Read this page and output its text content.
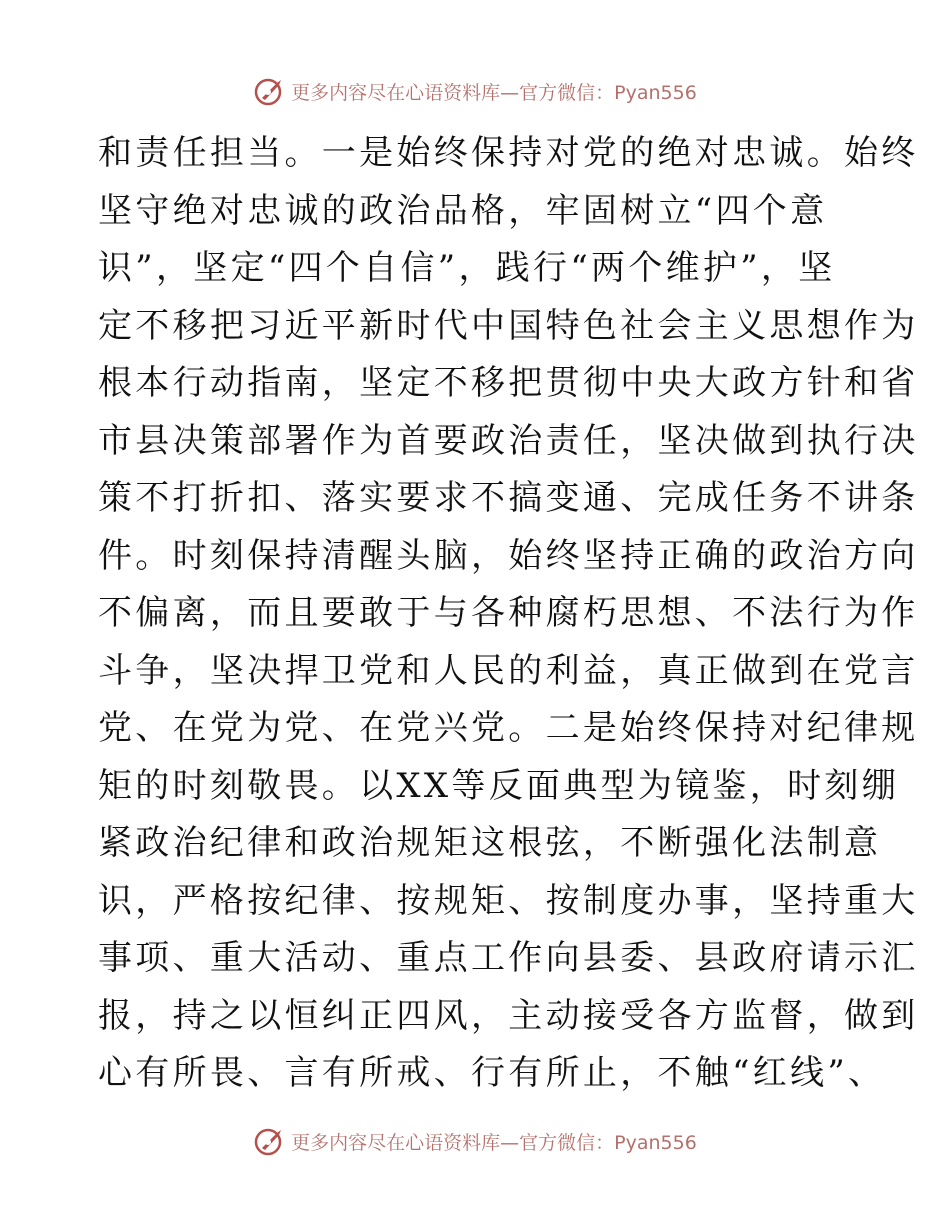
更多内容尽在心语资料库—官方微信：Pyan556
和责任担当。一是始终保持对党的绝对忠诚。始终
坚守绝对忠诚的政治品格，牢固树立“四个意
识”，坚定“四个自信”，践行“两个维护”，坚
定不移把习近平新时代中国特色社会主义思想作为
根本行动指南，坚定不移把贯彻中央大政方针和省
市县决策部署作为首要政治责任，坚决做到执行决
策不打折扣、落实要求不搞变通、完成任务不讲条
件。时刻保持清醒头脑，始终坚持正确的政治方向
不偏离，而且要敢于与各种腐朽思想、不法行为作
斗争，坚决捍卫党和人民的利益，真正做到在党言
党、在党为党、在党兴党。二是始终保持对纪律规
矩的时刻敬畏。以XX等反面典型为镜鉴，时刻绷
紧政治纪律和政治规矩这根弦，不断强化法制意
识，严格按纪律、按规矩、按制度办事，坚持重大
事项、重大活动、重点工作向县委、县政府请示汇
报，持之以恒纠正四风，主动接受各方监督，做到
心有所畏、言有所戒、行有所止，不触“红线”、
更多内容尽在心语资料库—官方微信：Pyan556
